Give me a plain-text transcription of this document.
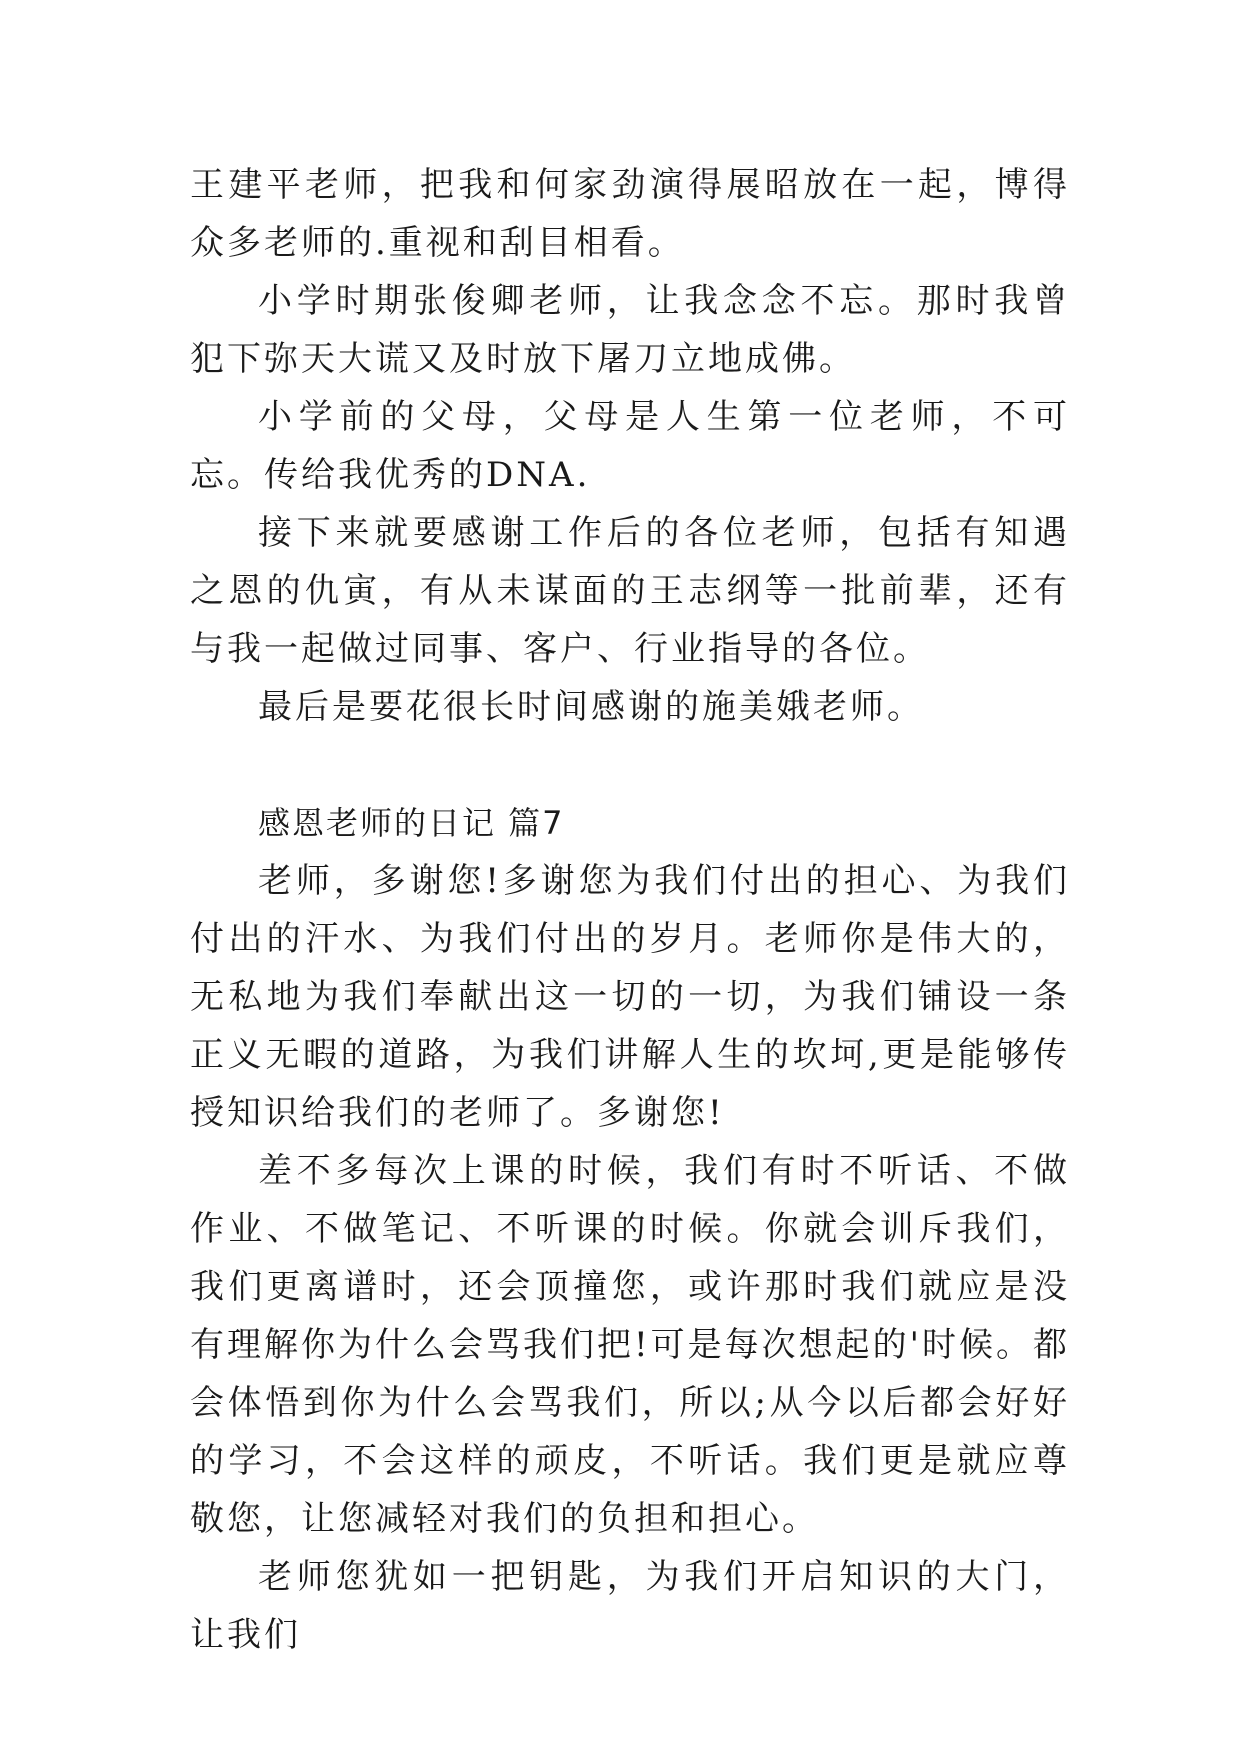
王建平老师，把我和何家劲演得展昭放在一起，博得众多老师的.重视和刮目相看。

小学时期张俊卿老师，让我念念不忘。那时我曾犯下弥天大谎又及时放下屠刀立地成佛。

小学前的父母，父母是人生第一位老师，不可忘。传给我优秀的DNA.

接下来就要感谢工作后的各位老师，包括有知遇之恩的仇寅，有从未谋面的王志纲等一批前辈，还有与我一起做过同事、客户、行业指导的各位。

最后是要花很长时间感谢的施美娥老师。

感恩老师的日记 篇7

老师，多谢您!多谢您为我们付出的担心、为我们付出的汗水、为我们付出的岁月。老师你是伟大的，无私地为我们奉献出这一切的一切，为我们铺设一条正义无暇的道路，为我们讲解人生的坎坷,更是能够传授知识给我们的老师了。多谢您!

差不多每次上课的时候，我们有时不听话、不做作业、不做笔记、不听课的时候。你就会训斥我们，我们更离谱时，还会顶撞您，或许那时我们就应是没有理解你为什么会骂我们把!可是每次想起的'时候。都会体悟到你为什么会骂我们，所以;从今以后都会好好的学习，不会这样的顽皮，不听话。我们更是就应尊敬您，让您减轻对我们的负担和担心。

老师您犹如一把钥匙，为我们开启知识的大门，让我们
